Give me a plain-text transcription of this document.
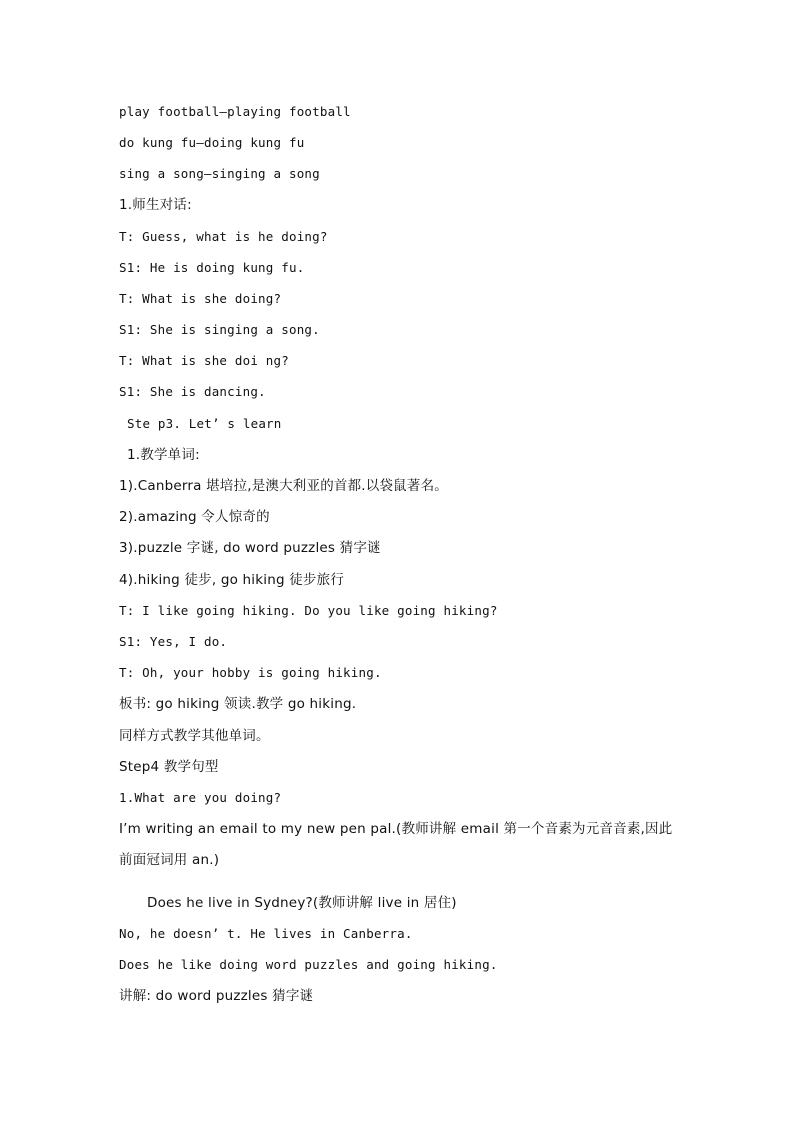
play football—playing football
do kung fu—doing kung fu
sing a song—singing a song
1.师生对话:
T: Guess, what is he doing?
S1: He is doing kung fu.
T: What is she doing?
S1: She is singing a song.
T: What is she doi ng?
S1: She is dancing.
Ste p3. Let’ s learn
1.教学单词:
1).Canberra 堪培拉,是澳大利亚的首都.以袋鼠著名。
2).amazing 令人惊奇的
3).puzzle 字谜, do word puzzles 猜字谜
4).hiking 徒步, go hiking 徒步旅行
T: I like going hiking. Do you like going hiking?
S1: Yes, I do.
T: Oh, your hobby is going hiking.
板书: go hiking 领读.教学 go hiking.
同样方式教学其他单词。
Step4 教学句型
1.What are you doing?
I’m writing an email to my new pen pal.(教师讲解 email 第一个音素为元音音素,因此
前面冠词用 an.)
Does he live in Sydney?(教师讲解 live in 居住)
No, he doesn’ t. He lives in Canberra.
Does he like doing word puzzles and going hiking.
讲解: do word puzzles 猜字谜
